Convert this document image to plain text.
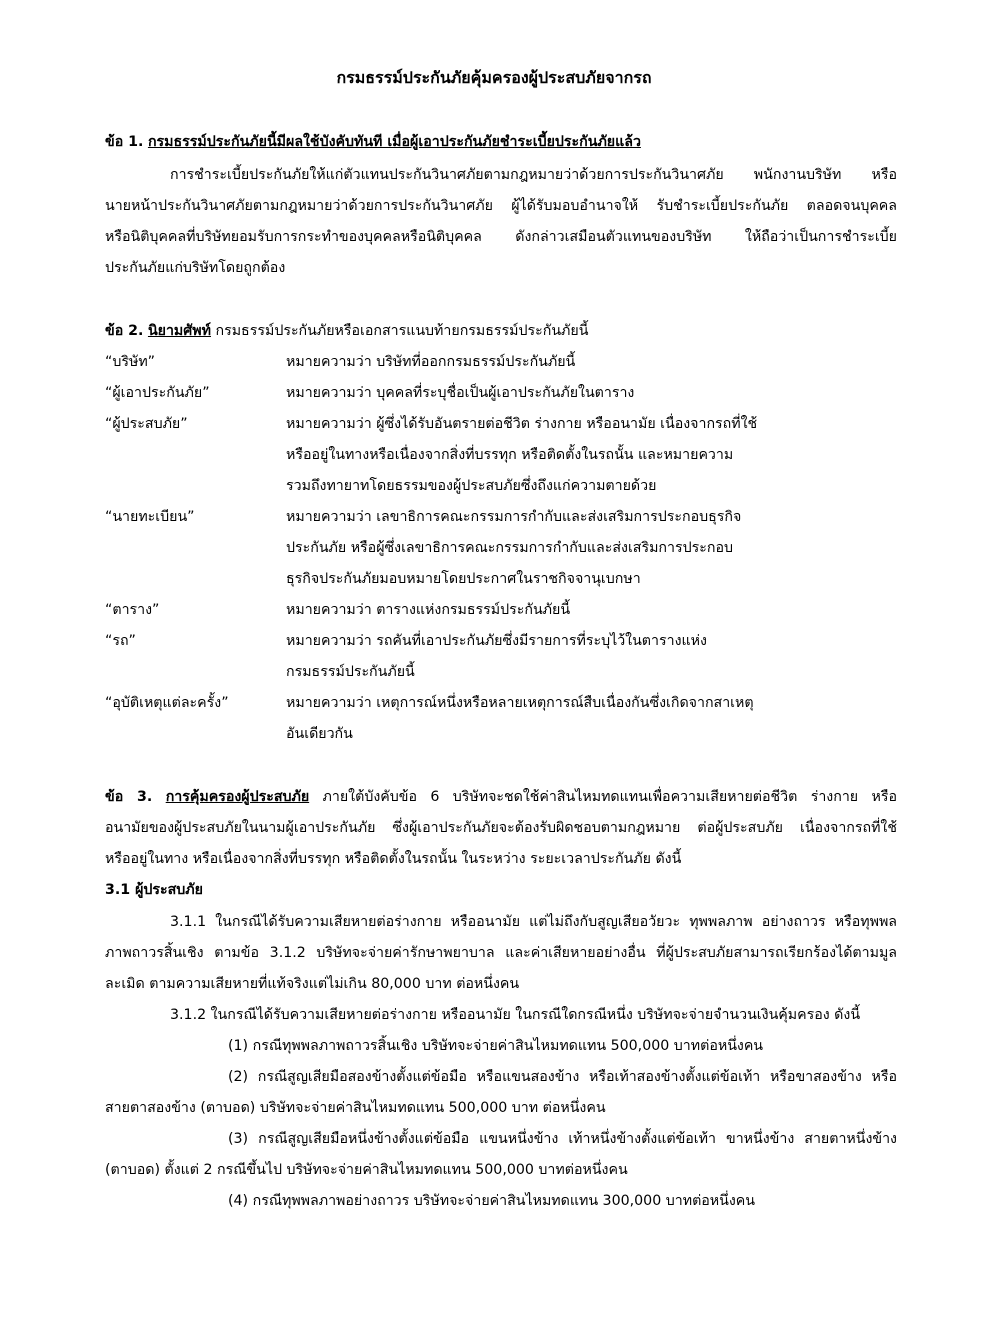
กรมธรรม์ประกันภัยคุ้มครองผู้ประสบภัยจากรถ
ข้อ 1. กรมธรรม์ประกันภัยนี้มีผลใช้บังคับทันที เมื่อผู้เอาประกันภัยชำระเบี้ยประกันภัยแล้ว
การชำระเบี้ยประกันภัยให้แก่ตัวแทนประกันวินาศภัยตามกฎหมายว่าด้วยการประกันวินาศภัย พนักงานบริษัท หรือ
นายหน้าประกันวินาศภัยตามกฎหมายว่าด้วยการประกันวินาศภัย ผู้ได้รับมอบอำนาจให้ รับชำระเบี้ยประกันภัย ตลอดจนบุคคล
หรือนิติบุคคลที่บริษัทยอมรับการกระทำของบุคคลหรือนิติบุคคล ดังกล่าวเสมือนตัวแทนของบริษัท ให้ถือว่าเป็นการชำระเบี้ย
ประกันภัยแก่บริษัทโดยถูกต้อง
ข้อ 2. นิยามศัพท์ กรมธรรม์ประกันภัยหรือเอกสารแนบท้ายกรมธรรม์ประกันภัยนี้
“บริษัท”	หมายความว่า บริษัทที่ออกกรมธรรม์ประกันภัยนี้
“ผู้เอาประกันภัย”	หมายความว่า บุคคลที่ระบุชื่อเป็นผู้เอาประกันภัยในตาราง
“ผู้ประสบภัย”	หมายความว่า ผู้ซึ่งได้รับอันตรายต่อชีวิต ร่างกาย หรืออนามัย เนื่องจากรถที่ใช้
หรืออยู่ในทางหรือเนื่องจากสิ่งที่บรรทุก หรือติดตั้งในรถนั้น และหมายความ
รวมถึงทายาทโดยธรรมของผู้ประสบภัยซึ่งถึงแก่ความตายด้วย
“นายทะเบียน”	หมายความว่า เลขาธิการคณะกรรมการกำกับและส่งเสริมการประกอบธุรกิจ
ประกันภัย หรือผู้ซึ่งเลขาธิการคณะกรรมการกำกับและส่งเสริมการประกอบ
ธุรกิจประกันภัยมอบหมายโดยประกาศในราชกิจจานุเบกษา
“ตาราง”	หมายความว่า ตารางแห่งกรมธรรม์ประกันภัยนี้
“รถ”	หมายความว่า รถคันที่เอาประกันภัยซึ่งมีรายการที่ระบุไว้ในตารางแห่ง
กรมธรรม์ประกันภัยนี้
“อุบัติเหตุแต่ละครั้ง”	หมายความว่า เหตุการณ์หนึ่งหรือหลายเหตุการณ์สืบเนื่องกันซึ่งเกิดจากสาเหตุ
อันเดียวกัน
ข้อ 3. การคุ้มครองผู้ประสบภัย ภายใต้บังคับข้อ 6 บริษัทจะชดใช้ค่าสินไหมทดแทนเพื่อความเสียหายต่อชีวิต ร่างกาย หรือ
อนามัยของผู้ประสบภัยในนามผู้เอาประกันภัย ซึ่งผู้เอาประกันภัยจะต้องรับผิดชอบตามกฎหมาย ต่อผู้ประสบภัย เนื่องจากรถที่ใช้
หรืออยู่ในทาง หรือเนื่องจากสิ่งที่บรรทุก หรือติดตั้งในรถนั้น ในระหว่าง ระยะเวลาประกันภัย ดังนี้
3.1 ผู้ประสบภัย
3.1.1 ในกรณีได้รับความเสียหายต่อร่างกาย หรืออนามัย แต่ไม่ถึงกับสูญเสียอวัยวะ ทุพพลภาพ อย่างถาวร หรือทุพพล
ภาพถาวรสิ้นเชิง ตามข้อ 3.1.2 บริษัทจะจ่ายค่ารักษาพยาบาล และค่าเสียหายอย่างอื่น ที่ผู้ประสบภัยสามารถเรียกร้องได้ตามมูล
ละเมิด ตามความเสียหายที่แท้จริงแต่ไม่เกิน 80,000 บาท ต่อหนึ่งคน
3.1.2 ในกรณีได้รับความเสียหายต่อร่างกาย หรืออนามัย ในกรณีใดกรณีหนึ่ง บริษัทจะจ่ายจำนวนเงินคุ้มครอง ดังนี้
(1) กรณีทุพพลภาพถาวรสิ้นเชิง บริษัทจะจ่ายค่าสินไหมทดแทน 500,000 บาทต่อหนึ่งคน
(2) กรณีสูญเสียมือสองข้างตั้งแต่ข้อมือ หรือแขนสองข้าง หรือเท้าสองข้างตั้งแต่ข้อเท้า หรือขาสองข้าง หรือ
สายตาสองข้าง (ตาบอด) บริษัทจะจ่ายค่าสินไหมทดแทน 500,000 บาท ต่อหนึ่งคน
(3) กรณีสูญเสียมือหนึ่งข้างตั้งแต่ข้อมือ แขนหนึ่งข้าง เท้าหนึ่งข้างตั้งแต่ข้อเท้า ขาหนึ่งข้าง สายตาหนึ่งข้าง
(ตาบอด) ตั้งแต่ 2 กรณีขึ้นไป บริษัทจะจ่ายค่าสินไหมทดแทน 500,000 บาทต่อหนึ่งคน
(4) กรณีทุพพลภาพอย่างถาวร บริษัทจะจ่ายค่าสินไหมทดแทน 300,000 บาทต่อหนึ่งคน
